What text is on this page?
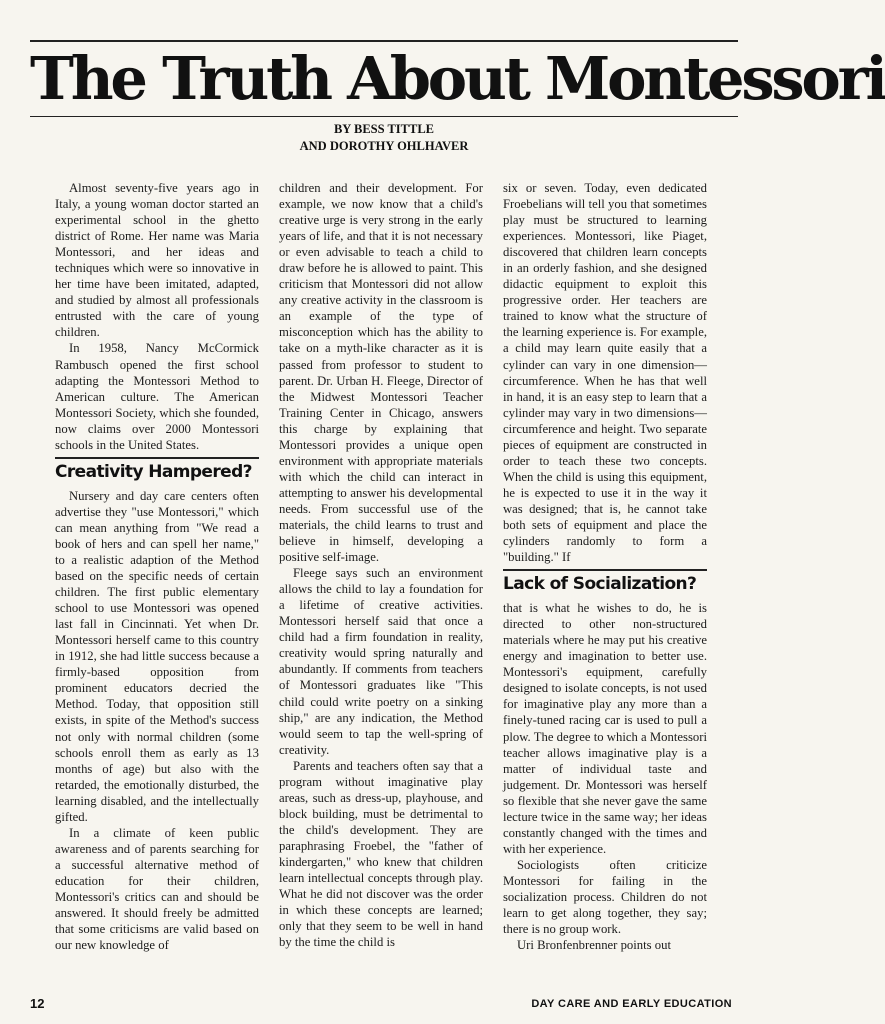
The Truth About Montessori
BY BESS TITTLE
AND DOROTHY OHLHAVER

Almost seventy-five years ago in Italy, a young woman doctor started an experimental school in the ghetto district of Rome. Her name was Maria Montessori, and her ideas and techniques which were so innovative in her time have been imitated, adapted, and studied by almost all professionals entrusted with the care of young children.

In 1958, Nancy McCormick Rambusch opened the first school adapting the Montessori Method to American culture. The American Montessori Society, which she founded, now claims over 2000 Montessori schools in the United States.

Creativity Hampered?

Nursery and day care centers often advertise they "use Montessori," which can mean anything from "We read a book of hers and can spell her name," to a realistic adaption of the Method based on the specific needs of certain children. The first public elementary school to use Montessori was opened last fall in Cincinnati. Yet when Dr. Montessori herself came to this country in 1912, she had little success because a firmly-based opposition from prominent educators decried the Method. Today, that opposition still exists, in spite of the Method's success not only with normal children (some schools enroll them as early as 13 months of age) but also with the retarded, the emotionally disturbed, the learning disabled, and the intellectually gifted.

In a climate of keen public awareness and of parents searching for a successful alternative method of education for their children, Montessori's critics can and should be answered. It should freely be admitted that some criticisms are valid based on our new knowledge of

children and their development. For example, we now know that a child's creative urge is very strong in the early years of life, and that it is not necessary or even advisable to teach a child to draw before he is allowed to paint. This criticism that Montessori did not allow any creative activity in the classroom is an example of the type of misconception which has the ability to take on a myth-like character as it is passed from professor to student to parent. Dr. Urban H. Fleege, Director of the Midwest Montessori Teacher Training Center in Chicago, answers this charge by explaining that Montessori provides a unique open environment with appropriate materials with which the child can interact in attempting to answer his developmental needs. From successful use of the materials, the child learns to trust and believe in himself, developing a positive self-image.

Fleege says such an environment allows the child to lay a foundation for a lifetime of creative activities. Montessori herself said that once a child had a firm foundation in reality, creativity would spring naturally and abundantly. If comments from teachers of Montessori graduates like "This child could write poetry on a sinking ship," are any indication, the Method would seem to tap the well-spring of creativity.

Parents and teachers often say that a program without imaginative play areas, such as dress-up, playhouse, and block building, must be detrimental to the child's development. They are paraphrasing Froebel, the "father of kindergarten," who knew that children learn intellectual concepts through play. What he did not discover was the order in which these concepts are learned; only that they seem to be well in hand by the time the child is

six or seven. Today, even dedicated Froebelians will tell you that sometimes play must be structured to learning experiences. Montessori, like Piaget, discovered that children learn concepts in an orderly fashion, and she designed didactic equipment to exploit this progressive order. Her teachers are trained to know what the structure of the learning experience is. For example, a child may learn quite easily that a cylinder can vary in one dimension—circumference. When he has that well in hand, it is an easy step to learn that a cylinder may vary in two dimensions—circumference and height. Two separate pieces of equipment are constructed in order to teach these two concepts. When the child is using this equipment, he is expected to use it in the way it was designed; that is, he cannot take both sets of equipment and place the cylinders randomly to form a "building." If

Lack of Socialization?

that is what he wishes to do, he is directed to other non-structured materials where he may put his creative energy and imagination to better use. Montessori's equipment, carefully designed to isolate concepts, is not used for imaginative play any more than a finely-tuned racing car is used to pull a plow. The degree to which a Montessori teacher allows imaginative play is a matter of individual taste and judgement. Dr. Montessori was herself so flexible that she never gave the same lecture twice in the same way; her ideas constantly changed with the times and with her experience.

Sociologists often criticize Montessori for failing in the socialization process. Children do not learn to get along together, they say; there is no group work.

Uri Bronfenbrenner points out

12	DAY CARE AND EARLY EDUCATION
